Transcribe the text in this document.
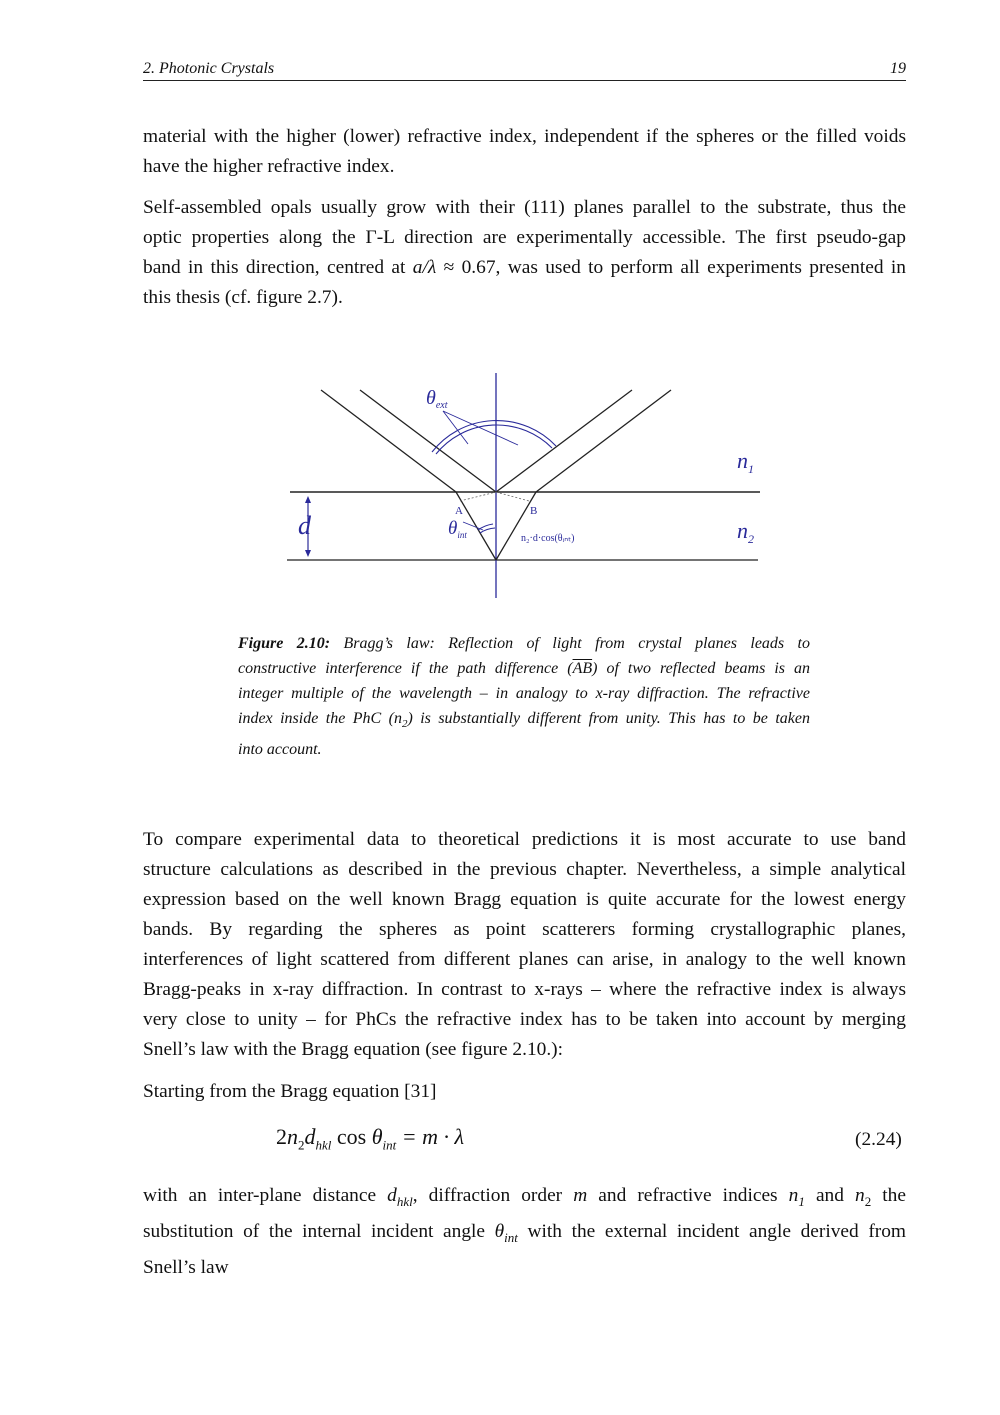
2. Photonic Crystals	19

material with the higher (lower) refractive index, independent if the spheres or the filled voids
have the higher refractive index.

Self-assembled opals usually grow with their (111) planes parallel to the substrate, thus the
optic properties along the Γ-L direction are experimentally accessible. The first pseudo-gap
band in this direction, centred at a/λ ≈ 0.67, was used to perform all experiments presented in
this thesis (cf. figure 2.7).

$\theta_{ext}$
$n_1$
$n_2$
d	A	B
$\theta_{int}$	n₂·d·cos(θᵢₙₜ)
Figure 2.10: Bragg’s law: Reflection of light from crystal planes leads to
constructive interference if the path difference $(\overline{AB})$ of two reflected beams is an
integer multiple of the wavelength – in analogy to x-ray diffraction. The refractive
index inside the PhC $(n_2)$ is substantially different from unity. This has to be taken
into account.

To compare experimental data to theoretical predictions it is most accurate to use band
structure calculations as described in the previous chapter. Nevertheless, a simple analytical
expression based on the well known Bragg equation is quite accurate for the lowest energy
bands. By regarding the spheres as point scatterers forming crystallographic planes,
interferences of light scattered from different planes can arise, in analogy to the well known
Bragg-peaks in x-ray diffraction. In contrast to x-rays – where the refractive index is always
very close to unity – for PhCs the refractive index has to be taken into account by merging
Snell’s law with the Bragg equation (see figure 2.10.):

Starting from the Bragg equation [31]

$2n_2d_{hkl}$ $\cos \theta_{int} = m \cdot \lambda$	(2.24)

with an inter-plane distance $d_{hkl}$, diffraction order m and refractive indices $n_1$ and $n_2$ the
substitution of the internal incident angle $\theta_{int}$ with the external incident angle derived from
Snell’s law
